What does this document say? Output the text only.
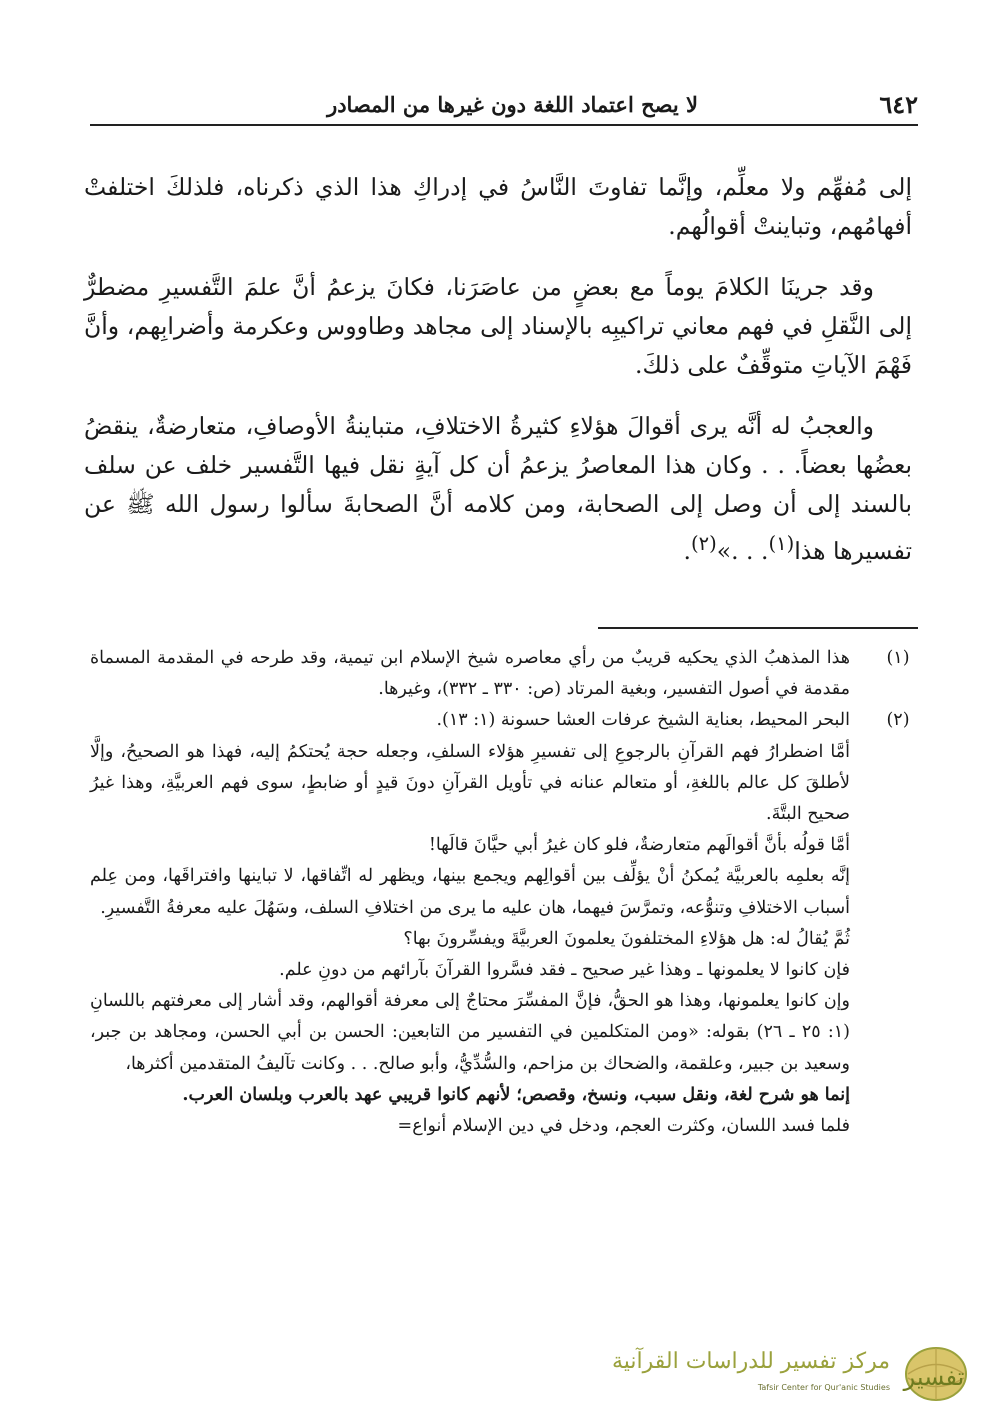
٦٤٢
لا يصح اعتماد اللغة دون غيرها من المصادر

إلى مُفهِّم ولا معلِّم، وإنَّما تفاوتَ النَّاسُ في إدراكِ هذا الذي ذكرناه، فلذلكَ اختلفتْ أفهامُهم، وتباينتْ أقوالُهم.

وقد جرينَا الكلامَ يوماً مع بعضٍ من عاصَرَنا، فكانَ يزعمُ أنَّ علمَ التَّفسيرِ مضطرٌّ إلى النَّقلِ في فهم معاني تراكيبِه بالإسناد إلى مجاهد وطاووس وعكرمة وأضرابِهم، وأنَّ فَهْمَ الآياتِ متوقِّفٌ على ذلكَ.

والعجبُ له أنَّه يرى أقوالَ هؤلاءِ كثيرةُ الاختلافِ، متباينةُ الأوصافِ، متعارضةٌ، ينقضُ بعضُها بعضاً. . . وكان هذا المعاصرُ يزعمُ أن كل آيةٍ نقل فيها التَّفسير خلف عن سلف بالسند إلى أن وصل إلى الصحابة، ومن كلامه أنَّ الصحابةَ سألوا رسول الله ﷺ عن تفسيرها هذا$^{(١)}$. . .»$^{(٢)}$.

(١)

هذا المذهبُ الذي يحكيه قريبٌ من رأي معاصره شيخ الإسلام ابن تيمية، وقد طرحه في المقدمة المسماة مقدمة في أصول التفسير، وبغية المرتاد (ص: ٣٣٠ ـ ٣٣٢)، وغيرها.

(٢)

البحر المحيط، بعناية الشيخ عرفات العشا حسونة (١: ١٣).

أمَّا اضطرارُ فهم القرآنِ بالرجوعِ إلى تفسيرِ هؤلاء السلفِ، وجعله حجة يُحتكمُ إليه، فهذا هو الصحيحُ، وإلَّا لأطلقَ كل عالم باللغةِ، أو متعالم عنانه في تأويل القرآنِ دونَ قيدٍ أو ضابطٍ، سوى فهم العربيَّةِ، وهذا غيرُ صحيح البتَّةَ.

أمَّا قولُه بأنَّ أقوالَهم متعارضةٌ، فلو كان غيرُ أبي حيَّانَ قالَها!

إنَّه بعلمِه بالعربيَّة يُمكنُ أنْ يؤلِّف بين أقوالِهم ويجمع بينها، ويظهر له اتِّفاقها، لا تباينها وافتراقَها، ومن عِلم أسباب الاختلافِ وتنوُّعه، وتمرَّسَ فيهما، هان عليه ما يرى من اختلافِ السلف، وسَهُلَ عليه معرفةُ التَّفسيرِ.

ثُمَّ يُقالُ له: هل هؤلاءِ المختلفونَ يعلمونَ العربيَّةَ ويفسِّرونَ بها؟

فإن كانوا لا يعلمونها ـ وهذا غير صحيح ـ فقد فسَّروا القرآنَ بآرائهم من دونِ علم.

وإن كانوا يعلمونها، وهذا هو الحقُّ، فإنَّ المفسِّرَ محتاجٌ إلى معرفة أقوالهم، وقد أشار إلى معرفتهم باللسانِ (١: ٢٥ ـ ٢٦) بقوله: «ومن المتكلمين في التفسير من التابعين: الحسن بن أبي الحسن، ومجاهد بن جبر، وسعيد بن جبير، وعلقمة، والضحاك بن مزاحم، والسُّدِّيُّ، وأبو صالح. . . وكانت تآليفُ المتقدمين أكثرها،

إنما هو شرح لغة، ونقل سبب، ونسخ، وقصص؛ لأنهم كانوا قريبي عهد بالعرب وبلسان العرب.

فلما فسد اللسان، وكثرت العجم، ودخل في دين الإسلام أنواع=

تفسير
مركز تفسير للدراسات القرآنية
Tafsir Center for Qur'anic Studies
